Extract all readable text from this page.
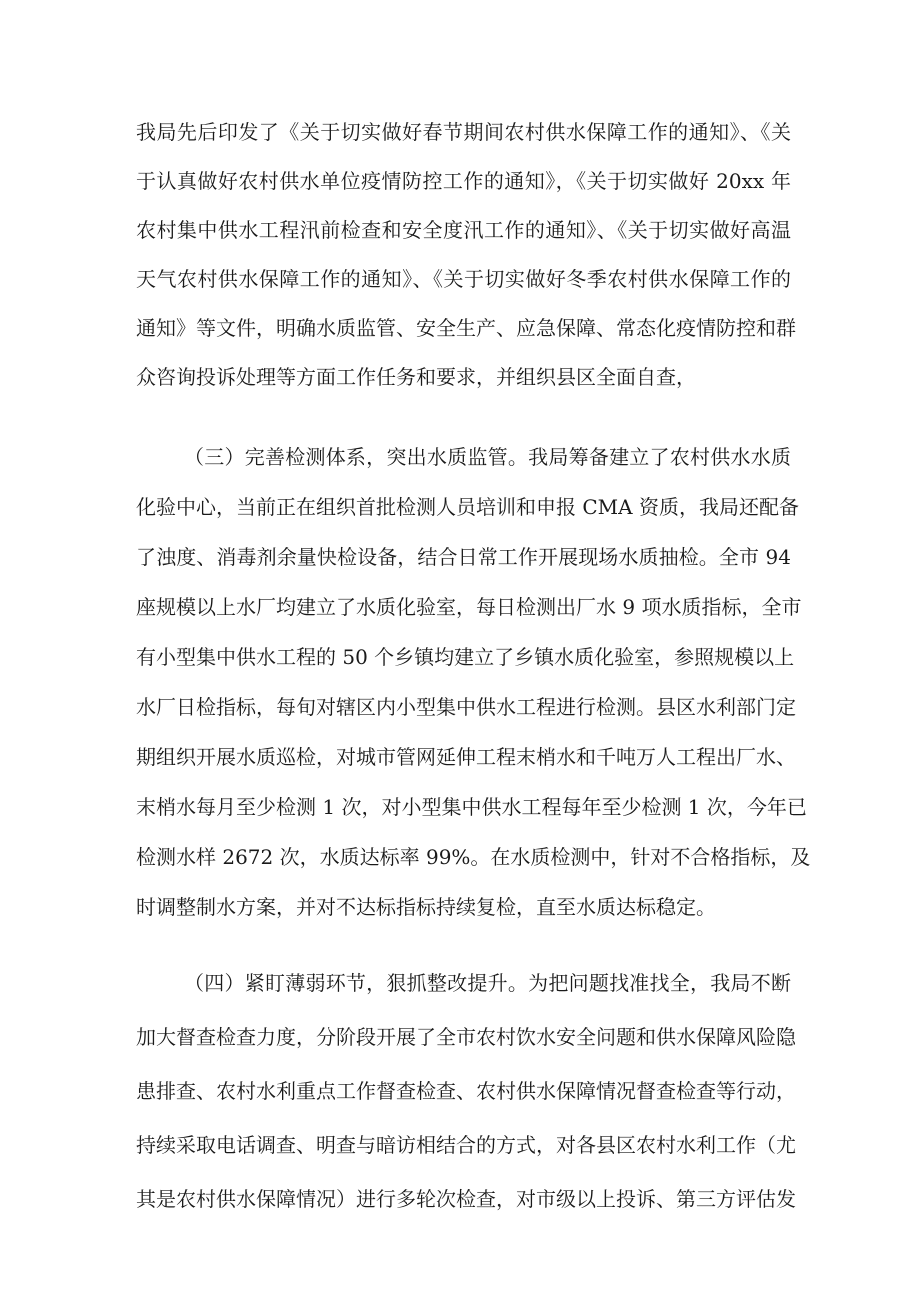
我局先后印发了《关于切实做好春节期间农村供水保障工作的通知》、《关
于认真做好农村供水单位疫情防控工作的通知》，《关于切实做好 20xx 年
农村集中供水工程汛前检查和安全度汛工作的通知》、《关于切实做好高温
天气农村供水保障工作的通知》、《关于切实做好冬季农村供水保障工作的
通知》等文件，明确水质监管、安全生产、应急保障、常态化疫情防控和群
众咨询投诉处理等方面工作任务和要求，并组织县区全面自查，
（三）完善检测体系，突出水质监管。我局筹备建立了农村供水水质
化验中心，当前正在组织首批检测人员培训和申报 CMA 资质，我局还配备
了浊度、消毒剂余量快检设备，结合日常工作开展现场水质抽检。全市 94
座规模以上水厂均建立了水质化验室，每日检测出厂水 9 项水质指标，全市
有小型集中供水工程的 50 个乡镇均建立了乡镇水质化验室，参照规模以上
水厂日检指标，每旬对辖区内小型集中供水工程进行检测。县区水利部门定
期组织开展水质巡检，对城市管网延伸工程末梢水和千吨万人工程出厂水、
末梢水每月至少检测 1 次，对小型集中供水工程每年至少检测 1 次，今年已
检测水样 2672 次，水质达标率 99%。在水质检测中，针对不合格指标，及
时调整制水方案，并对不达标指标持续复检，直至水质达标稳定。
（四）紧盯薄弱环节，狠抓整改提升。为把问题找准找全，我局不断
加大督查检查力度，分阶段开展了全市农村饮水安全问题和供水保障风险隐
患排查、农村水利重点工作督查检查、农村供水保障情况督查检查等行动，
持续采取电话调查、明查与暗访相结合的方式，对各县区农村水利工作（尤
其是农村供水保障情况）进行多轮次检查，对市级以上投诉、第三方评估发
